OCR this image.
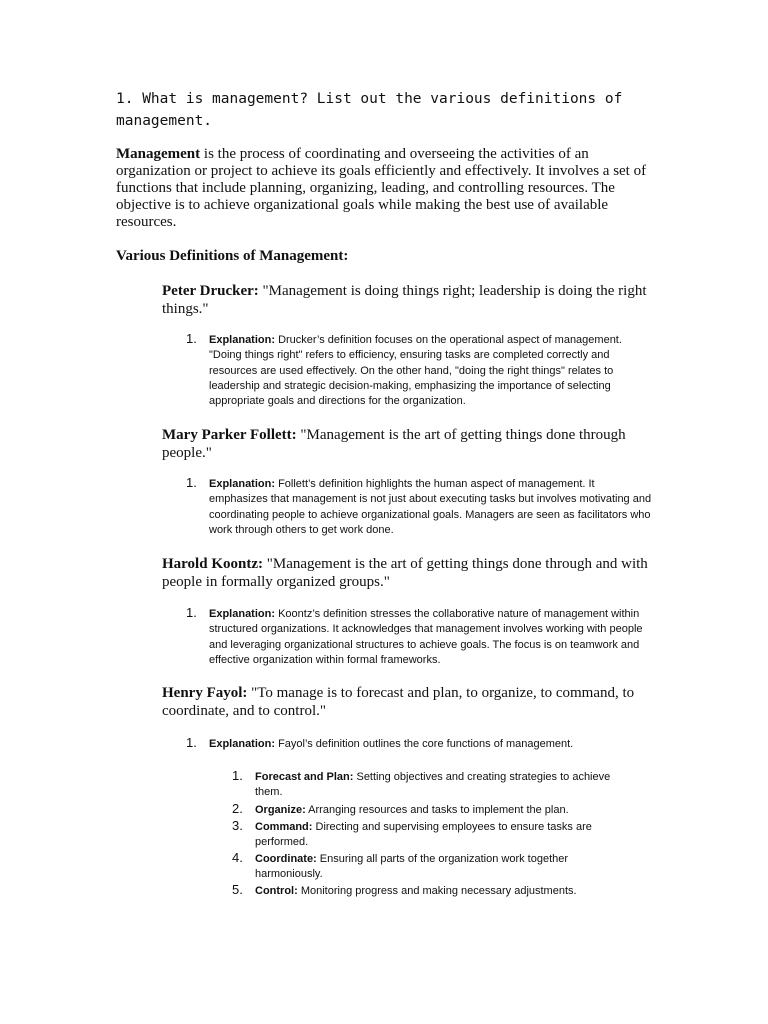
1. What is management? List out the various definitions of management.

Management is the process of coordinating and overseeing the activities of an organization or project to achieve its goals efficiently and effectively. It involves a set of functions that include planning, organizing, leading, and controlling resources. The objective is to achieve organizational goals while making the best use of available resources.

Various Definitions of Management:
Peter Drucker: "Management is doing things right; leadership is doing the right things."
1. Explanation: Drucker’s definition focuses on the operational aspect of management. "Doing things right" refers to efficiency, ensuring tasks are completed correctly and resources are used effectively. On the other hand, "doing the right things" relates to leadership and strategic decision-making, emphasizing the importance of selecting appropriate goals and directions for the organization.
Mary Parker Follett: "Management is the art of getting things done through people."
1. Explanation: Follett’s definition highlights the human aspect of management. It emphasizes that management is not just about executing tasks but involves motivating and coordinating people to achieve organizational goals. Managers are seen as facilitators who work through others to get work done.
Harold Koontz: "Management is the art of getting things done through and with people in formally organized groups."
1. Explanation: Koontz’s definition stresses the collaborative nature of management within structured organizations. It acknowledges that management involves working with people and leveraging organizational structures to achieve goals. The focus is on teamwork and effective organization within formal frameworks.
Henry Fayol: "To manage is to forecast and plan, to organize, to command, to coordinate, and to control."
1. Explanation: Fayol’s definition outlines the core functions of management.
1. Forecast and Plan: Setting objectives and creating strategies to achieve them.
2. Organize: Arranging resources and tasks to implement the plan.
3. Command: Directing and supervising employees to ensure tasks are performed.
4. Coordinate: Ensuring all parts of the organization work together harmoniously.
5. Control: Monitoring progress and making necessary adjustments.
